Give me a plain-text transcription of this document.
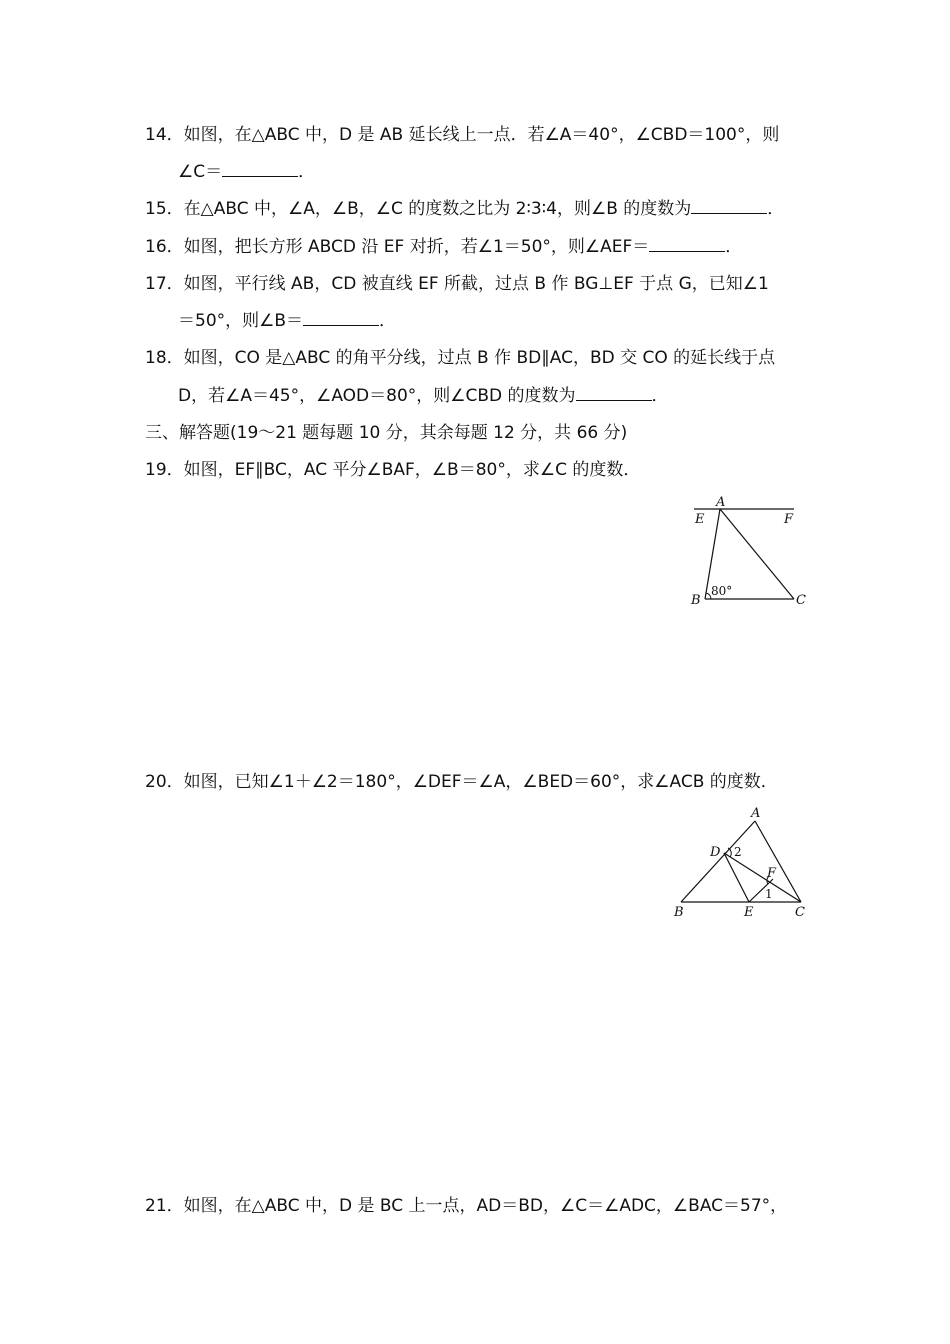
14．如图，在△ABC 中，D 是 AB 延长线上一点．若∠A＝40°，∠CBD＝100°，则
∠C＝	．
15．在△ABC 中，∠A，∠B，∠C 的度数之比为 2∶3∶4，则∠B 的度数为	．
16．如图，把长方形 ABCD 沿 EF 对折，若∠1＝50°，则∠AEF＝	．
17．如图，平行线 AB，CD 被直线 EF 所截，过点 B 作 BG⊥EF 于点 G，已知∠1
＝50°，则∠B＝	．
18．如图，CO 是△ABC 的角平分线，过点 B 作 BD∥AC，BD 交 CO 的延长线于点
D，若∠A＝45°，∠AOD＝80°，则∠CBD 的度数为	．
三、解答题(19～21 题每题 10 分，其余每题 12 分，共 66 分)
19．如图，EF∥BC，AC 平分∠BAF，∠B＝80°，求∠C 的度数．
A
E	F
B	C
80°
20．如图，已知∠1＋∠2＝180°，∠DEF＝∠A，∠BED＝60°，求∠ACB 的度数．
A
D 2
F
1
B	E	C
21．如图，在△ABC 中，D 是 BC 上一点，AD＝BD，∠C＝∠ADC，∠BAC＝57°，
